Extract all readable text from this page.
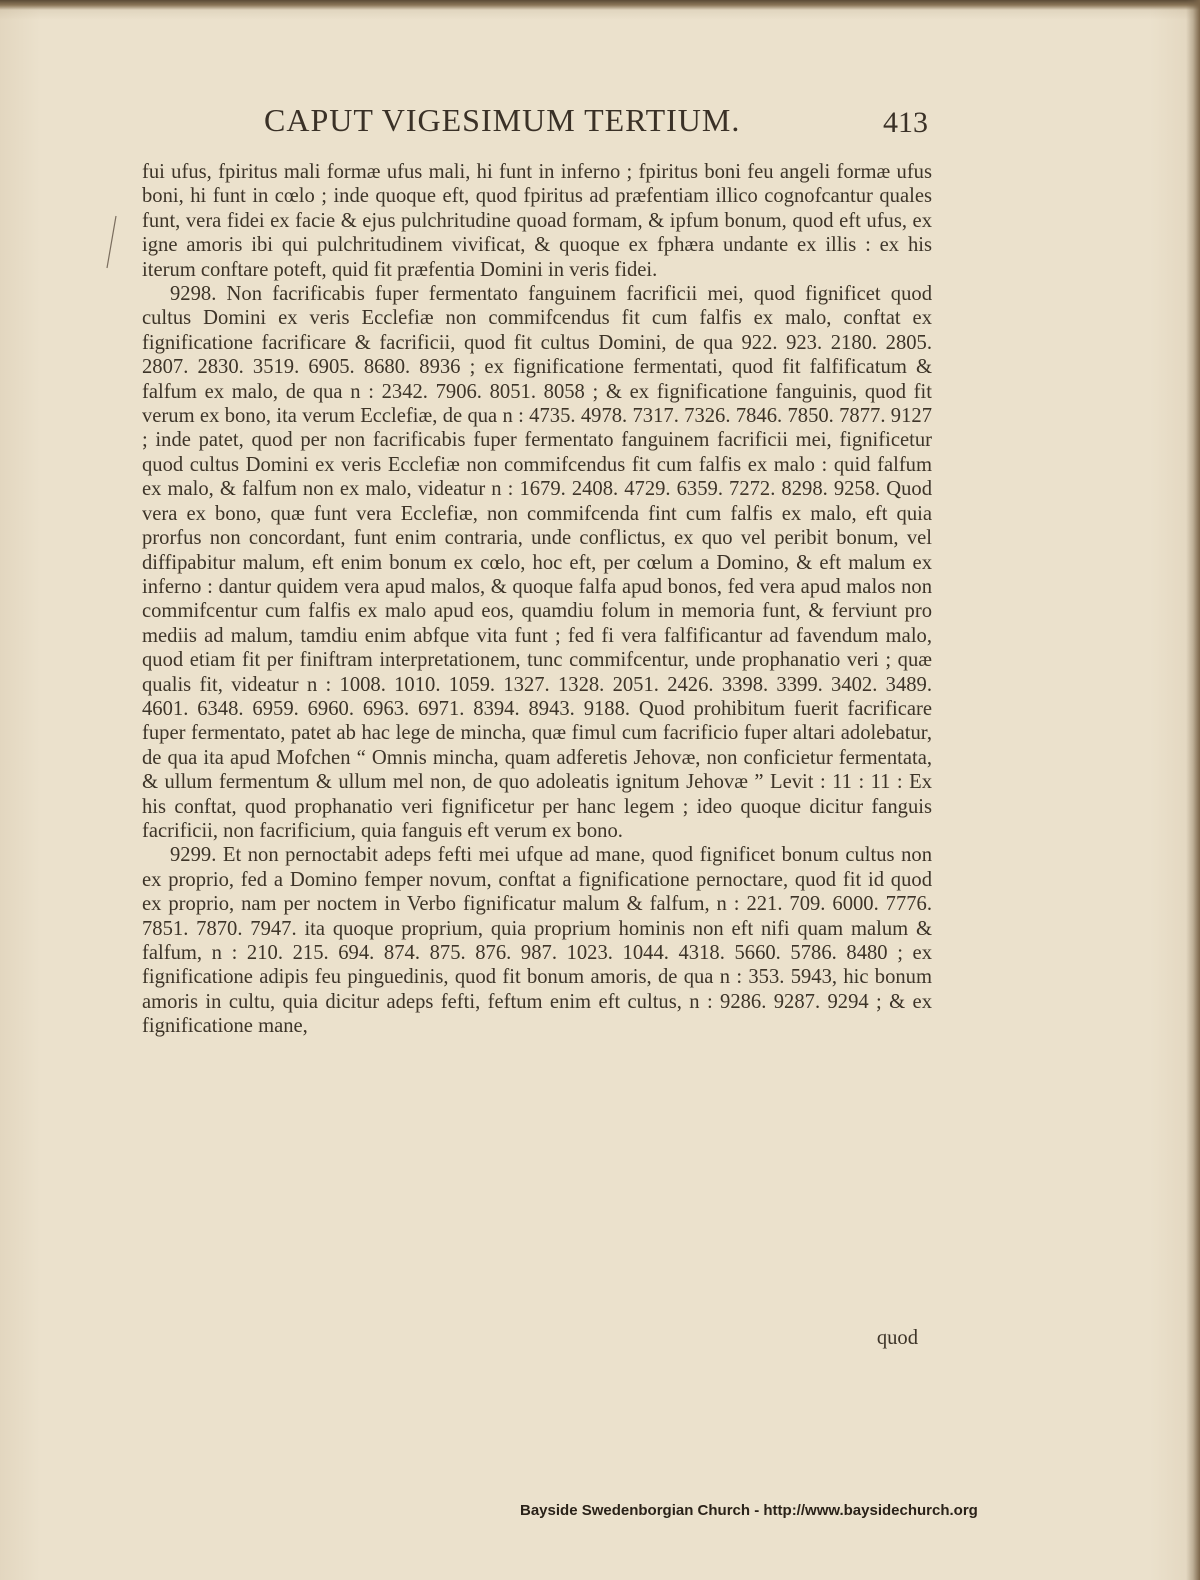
CAPUT VIGESIMUM TERTIUM.	413

fui ufus, fpiritus mali formæ ufus mali, hi funt in inferno ; fpiritus boni feu angeli formæ ufus boni, hi funt in cœlo ; inde quoque eft, quod fpiritus ad præfentiam illico cognofcantur quales funt, vera fidei ex facie & ejus pulchritudine quoad formam, & ipfum bonum, quod eft ufus, ex igne amoris ibi qui pulchritudinem vivificat, & quoque ex fphæra undante ex illis : ex his iterum conftare poteft, quid fit præfentia Domini in veris fidei.

9298. Non facrificabis fuper fermentato fanguinem facrificii mei, quod fignificet quod cultus Domini ex veris Ecclefiæ non commifcendus fit cum falfis ex malo, conftat ex fignificatione facrificare & facrificii, quod fit cultus Domini, de qua 922. 923. 2180. 2805. 2807. 2830. 3519. 6905. 8680. 8936 ; ex fignificatione fermentati, quod fit falfificatum & falfum ex malo, de qua n : 2342. 7906. 8051. 8058 ; & ex fignificatione fanguinis, quod fit verum ex bono, ita verum Ecclefiæ, de qua n : 4735. 4978. 7317. 7326. 7846. 7850. 7877. 9127 ; inde patet, quod per non facrificabis fuper fermentato fanguinem facrificii mei, fignificetur quod cultus Domini ex veris Ecclefiæ non commifcendus fit cum falfis ex malo : quid falfum ex malo, & falfum non ex malo, videatur n : 1679. 2408. 4729. 6359. 7272. 8298. 9258. Quod vera ex bono, quæ funt vera Ecclefiæ, non commifcenda fint cum falfis ex malo, eft quia prorfus non concordant, funt enim contraria, unde conflictus, ex quo vel peribit bonum, vel diffipabitur malum, eft enim bonum ex cœlo, hoc eft, per cœlum a Domino, & eft malum ex inferno : dantur quidem vera apud malos, & quoque falfa apud bonos, fed vera apud malos non commifcentur cum falfis ex malo apud eos, quamdiu folum in memoria funt, & ferviunt pro mediis ad malum, tamdiu enim abfque vita funt ; fed fi vera falfificantur ad favendum malo, quod etiam fit per finiftram interpretationem, tunc commifcentur, unde prophanatio veri ; quæ qualis fit, videatur n : 1008. 1010. 1059. 1327. 1328. 2051. 2426. 3398. 3399. 3402. 3489. 4601. 6348. 6959. 6960. 6963. 6971. 8394. 8943. 9188. Quod prohibitum fuerit facrificare fuper fermentato, patet ab hac lege de mincha, quæ fimul cum facrificio fuper altari adolebatur, de qua ita apud Mofchen “ Omnis mincha, quam adferetis Jehovæ, non conficietur fermentata, & ullum fermentum & ullum mel non, de quo adoleatis ignitum Jehovæ ” Levit : 11 : 11 : Ex his conftat, quod prophanatio veri fignificetur per hanc legem ; ideo quoque dicitur fanguis facrificii, non facrificium, quia fanguis eft verum ex bono.

9299. Et non pernoctabit adeps fefti mei ufque ad mane, quod fignificet bonum cultus non ex proprio, fed a Domino femper novum, conftat a fignificatione pernoctare, quod fit id quod ex proprio, nam per noctem in Verbo fignificatur malum & falfum, n : 221. 709. 6000. 7776. 7851. 7870. 7947. ita quoque proprium, quia proprium hominis non eft nifi quam malum & falfum, n : 210. 215. 694. 874. 875. 876. 987. 1023. 1044. 4318. 5660. 5786. 8480 ; ex fignificatione adipis feu pinguedinis, quod fit bonum amoris, de qua n : 353. 5943, hic bonum amoris in cultu, quia dicitur adeps fefti, feftum enim eft cultus, n : 9286. 9287. 9294 ; & ex fignificatione mane,

quod
Bayside Swedenborgian Church - http://www.baysidechurch.org
